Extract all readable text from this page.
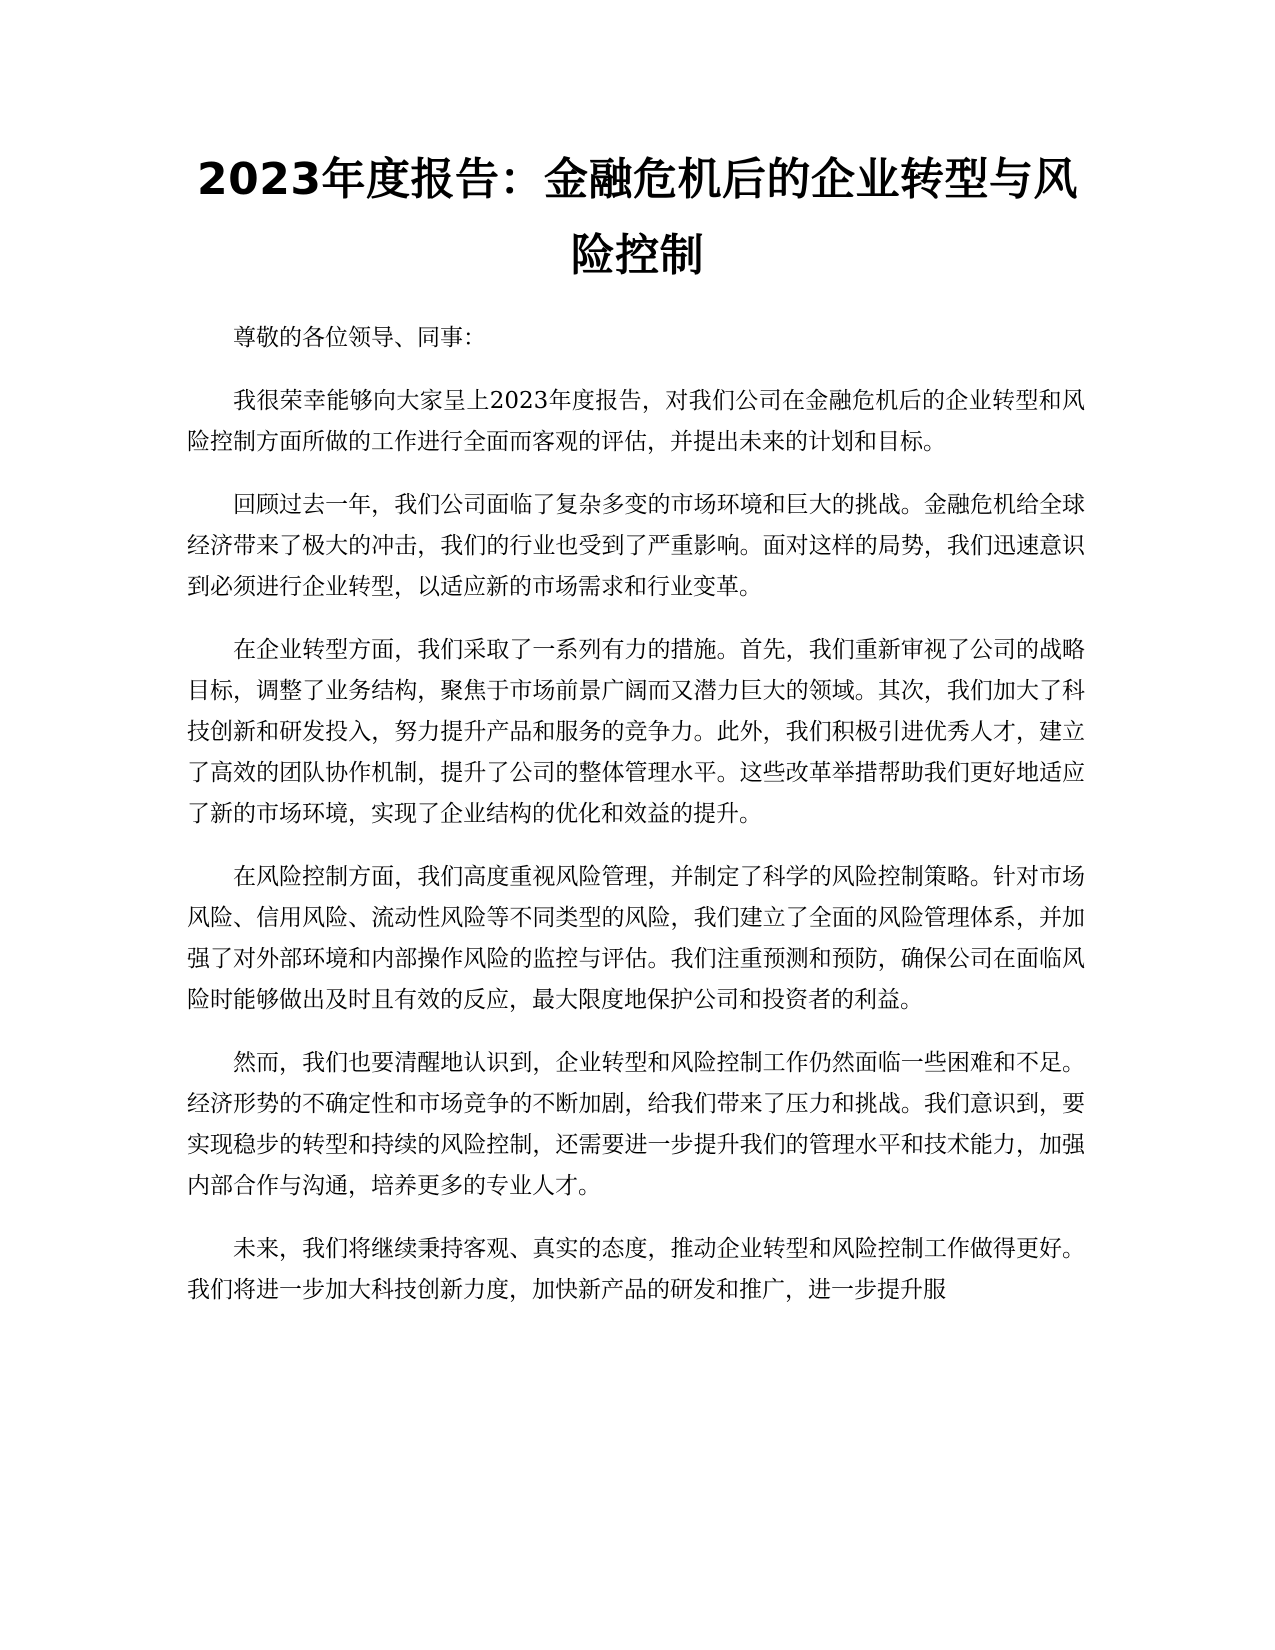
2023年度报告：金融危机后的企业转型与风险控制

尊敬的各位领导、同事：

我很荣幸能够向大家呈上2023年度报告，对我们公司在金融危机后的企业转型和风险控制方面所做的工作进行全面而客观的评估，并提出未来的计划和目标。

回顾过去一年，我们公司面临了复杂多变的市场环境和巨大的挑战。金融危机给全球经济带来了极大的冲击，我们的行业也受到了严重影响。面对这样的局势，我们迅速意识到必须进行企业转型，以适应新的市场需求和行业变革。

在企业转型方面，我们采取了一系列有力的措施。首先，我们重新审视了公司的战略目标，调整了业务结构，聚焦于市场前景广阔而又潜力巨大的领域。其次，我们加大了科技创新和研发投入，努力提升产品和服务的竞争力。此外，我们积极引进优秀人才，建立了高效的团队协作机制，提升了公司的整体管理水平。这些改革举措帮助我们更好地适应了新的市场环境，实现了企业结构的优化和效益的提升。

在风险控制方面，我们高度重视风险管理，并制定了科学的风险控制策略。针对市场风险、信用风险、流动性风险等不同类型的风险，我们建立了全面的风险管理体系，并加强了对外部环境和内部操作风险的监控与评估。我们注重预测和预防，确保公司在面临风险时能够做出及时且有效的反应，最大限度地保护公司和投资者的利益。

然而，我们也要清醒地认识到，企业转型和风险控制工作仍然面临一些困难和不足。经济形势的不确定性和市场竞争的不断加剧，给我们带来了压力和挑战。我们意识到，要实现稳步的转型和持续的风险控制，还需要进一步提升我们的管理水平和技术能力，加强内部合作与沟通，培养更多的专业人才。

未来，我们将继续秉持客观、真实的态度，推动企业转型和风险控制工作做得更好。我们将进一步加大科技创新力度，加快新产品的研发和推广，进一步提升服
